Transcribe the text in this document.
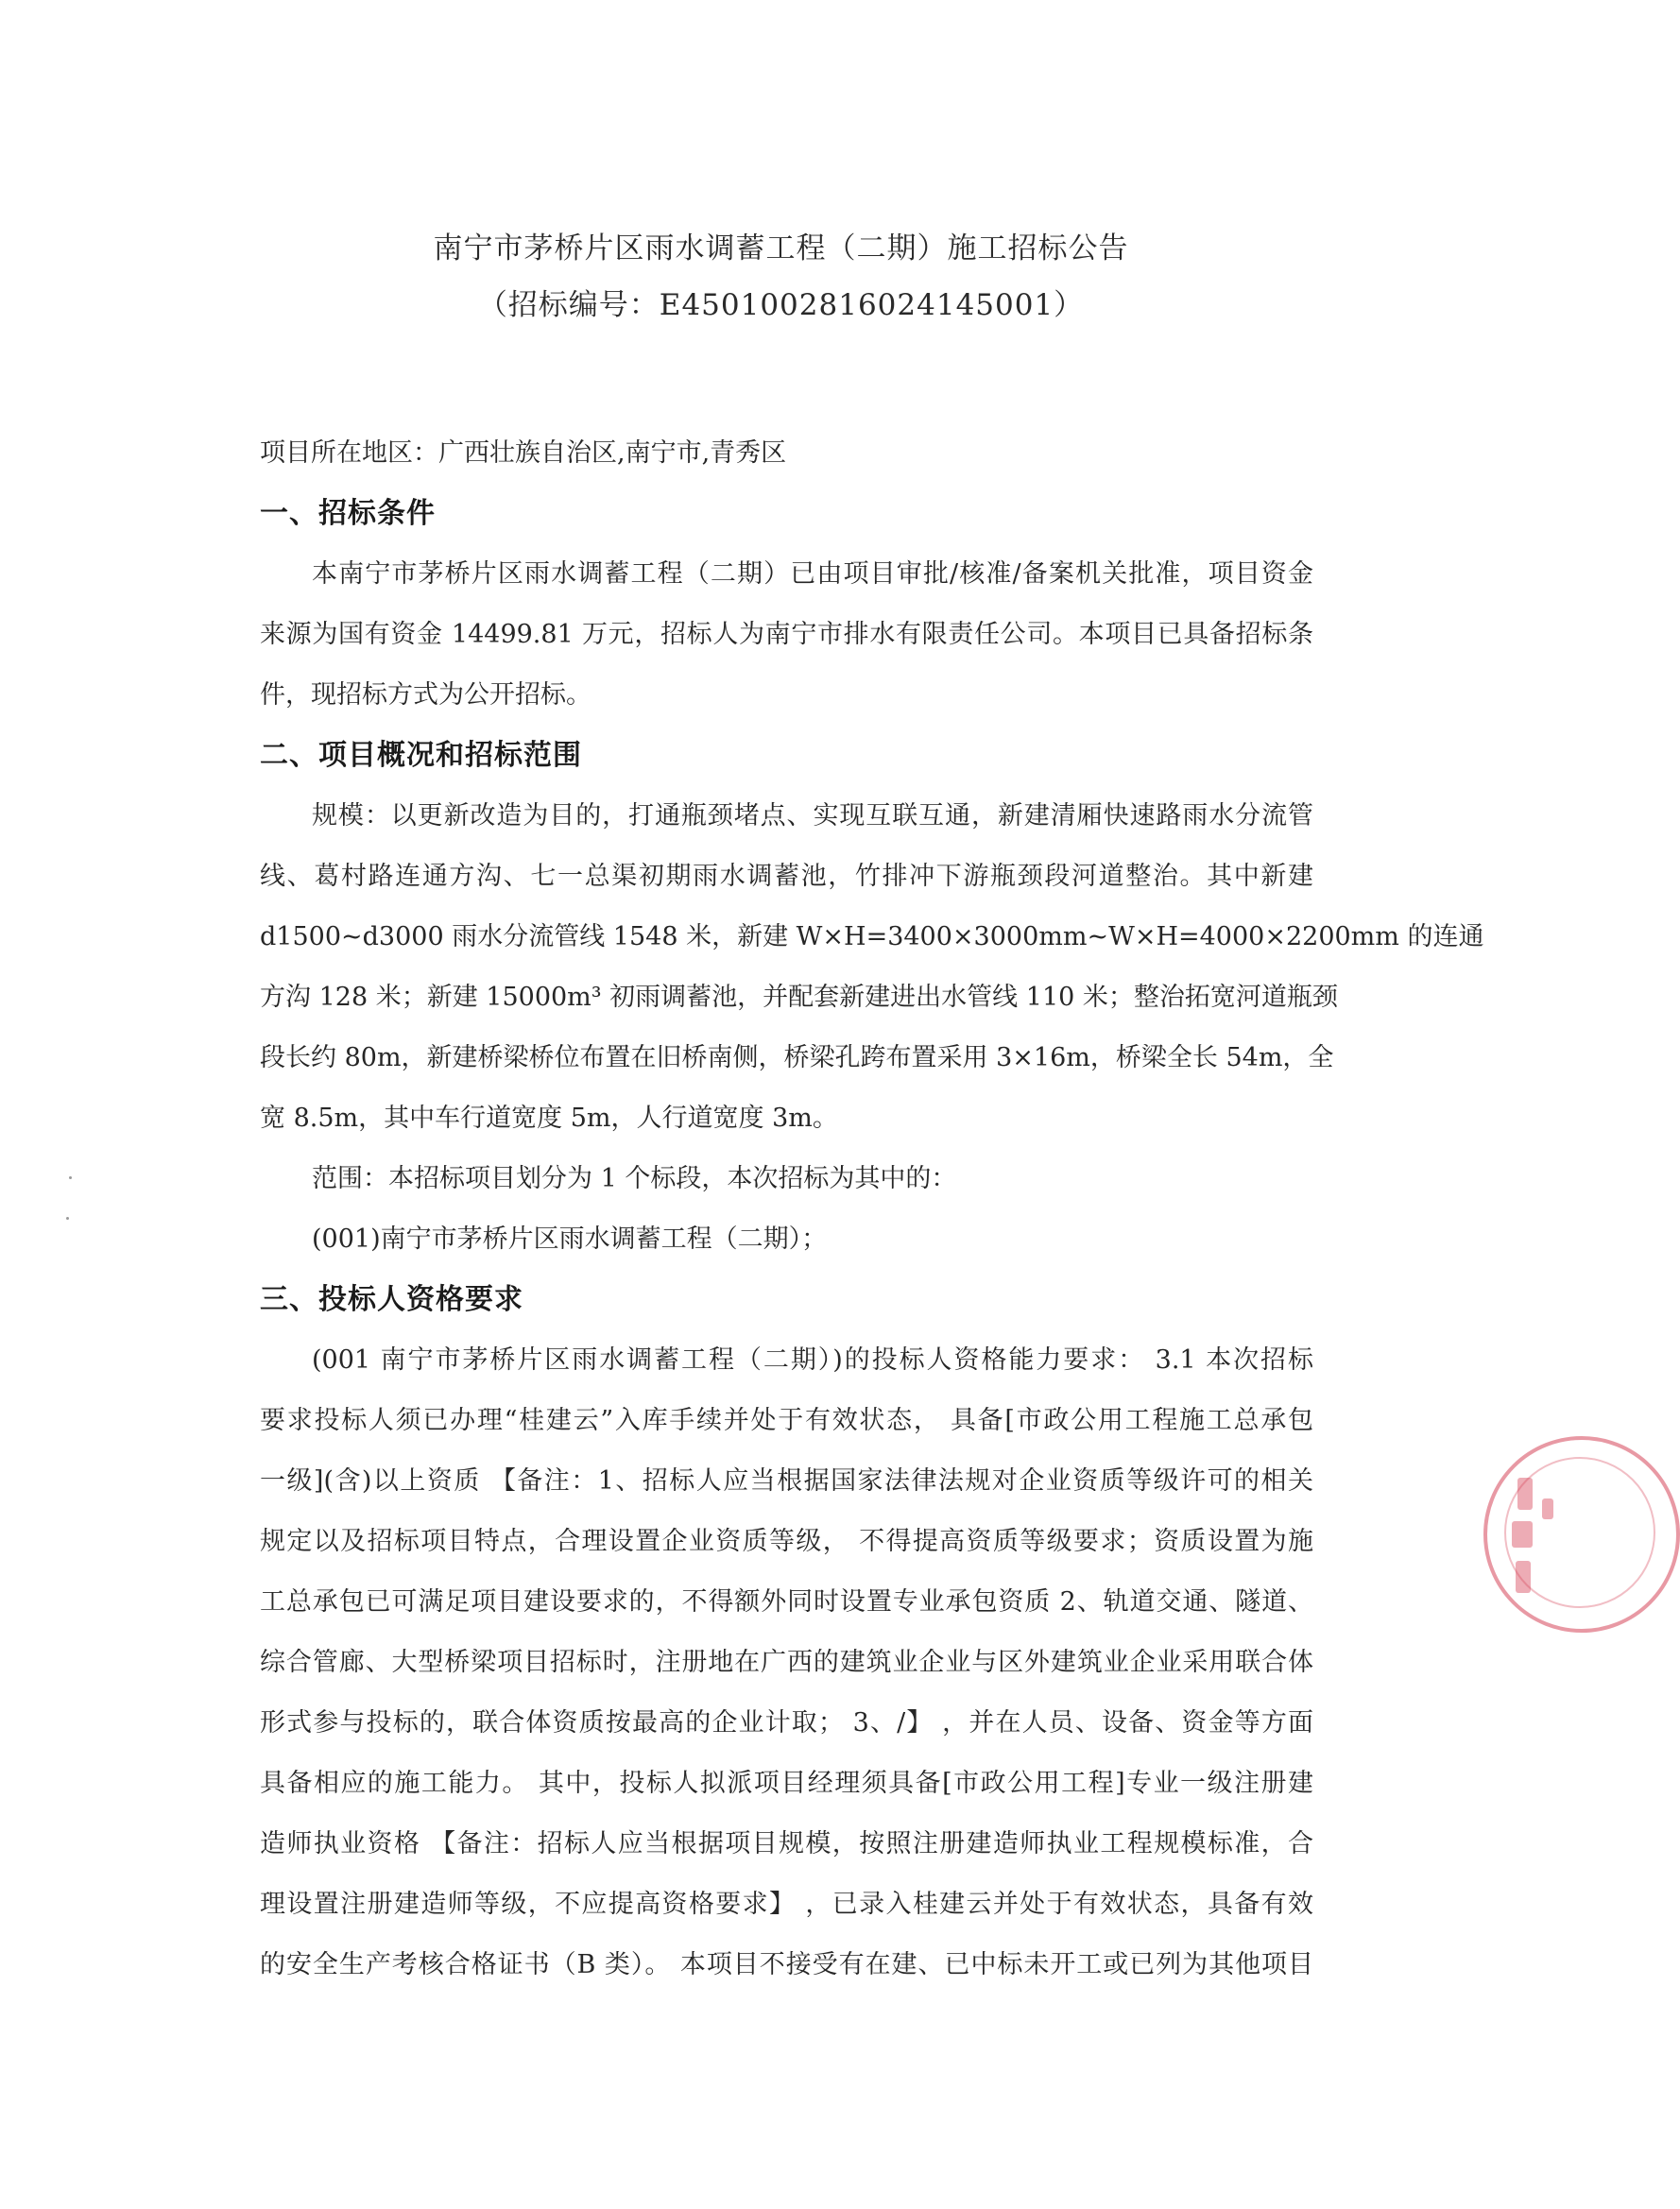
南宁市茅桥片区雨水调蓄工程（二期）施工招标公告
（招标编号：E4501002816024145001）
项目所在地区：广西壮族自治区,南宁市,青秀区
一、招标条件
本南宁市茅桥片区雨水调蓄工程（二期）已由项目审批/核准/备案机关批准，项目资金
来源为国有资金 14499.81 万元，招标人为南宁市排水有限责任公司。本项目已具备招标条
件，现招标方式为公开招标。
二、项目概况和招标范围
规模：以更新改造为目的，打通瓶颈堵点、实现互联互通，新建清厢快速路雨水分流管
线、葛村路连通方沟、七一总渠初期雨水调蓄池，竹排冲下游瓶颈段河道整治。其中新建
d1500~d3000 雨水分流管线 1548 米，新建 W×H=3400×3000mm~W×H=4000×2200mm 的连通
方沟 128 米；新建 15000m³ 初雨调蓄池，并配套新建进出水管线 110 米；整治拓宽河道瓶颈
段长约 80m，新建桥梁桥位布置在旧桥南侧，桥梁孔跨布置采用 3×16m，桥梁全长 54m，全
宽 8.5m，其中车行道宽度 5m，人行道宽度 3m。
范围：本招标项目划分为 1 个标段，本次招标为其中的：
(001)南宁市茅桥片区雨水调蓄工程（二期）；
三、投标人资格要求
(001 南宁市茅桥片区雨水调蓄工程（二期）)的投标人资格能力要求： 3.1 本次招标
要求投标人须已办理“桂建云”入库手续并处于有效状态， 具备[市政公用工程施工总承包
一级](含)以上资质 【备注：1、招标人应当根据国家法律法规对企业资质等级许可的相关
规定以及招标项目特点，合理设置企业资质等级， 不得提高资质等级要求；资质设置为施
工总承包已可满足项目建设要求的，不得额外同时设置专业承包资质 2、轨道交通、隧道、
综合管廊、大型桥梁项目招标时，注册地在广西的建筑业企业与区外建筑业企业采用联合体
形式参与投标的，联合体资质按最高的企业计取； 3、/】 ，并在人员、设备、资金等方面
具备相应的施工能力。 其中，投标人拟派项目经理须具备[市政公用工程]专业一级注册建
造师执业资格 【备注：招标人应当根据项目规模，按照注册建造师执业工程规模标准，合
理设置注册建造师等级，不应提高资格要求】 ，已录入桂建云并处于有效状态，具备有效
的安全生产考核合格证书（B 类）。 本项目不接受有在建、已中标未开工或已列为其他项目
